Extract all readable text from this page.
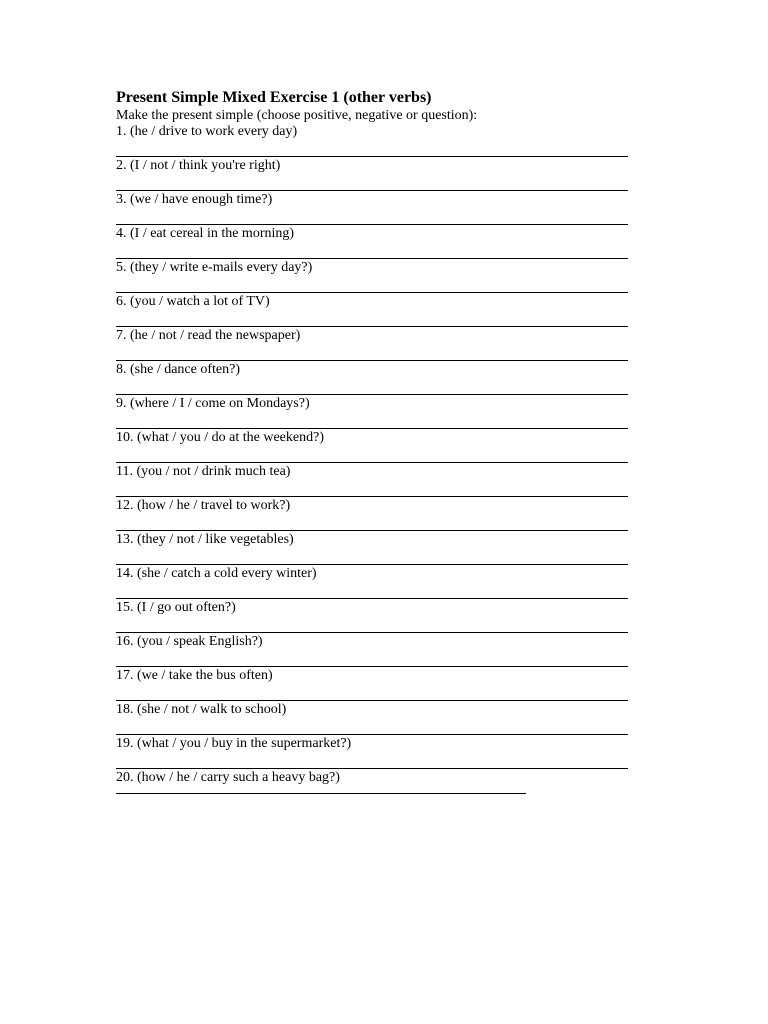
Present Simple Mixed Exercise 1 (other verbs)

Make the present simple (choose positive, negative or question):

1. (he / drive to work every day)
2. (I / not / think you're right)
3. (we / have enough time?)
4. (I / eat cereal in the morning)
5. (they / write e-mails every day?)
6. (you / watch a lot of TV)
7. (he / not / read the newspaper)
8. (she / dance often?)
9. (where / I / come on Mondays?)
10. (what / you / do at the weekend?)
11. (you / not / drink much tea)
12. (how / he / travel to work?)
13. (they / not / like vegetables)
14. (she / catch a cold every winter)
15. (I / go out often?)
16. (you / speak English?)
17. (we / take the bus often)
18. (she / not / walk to school)
19. (what / you / buy in the supermarket?)
20. (how / he / carry such a heavy bag?)
